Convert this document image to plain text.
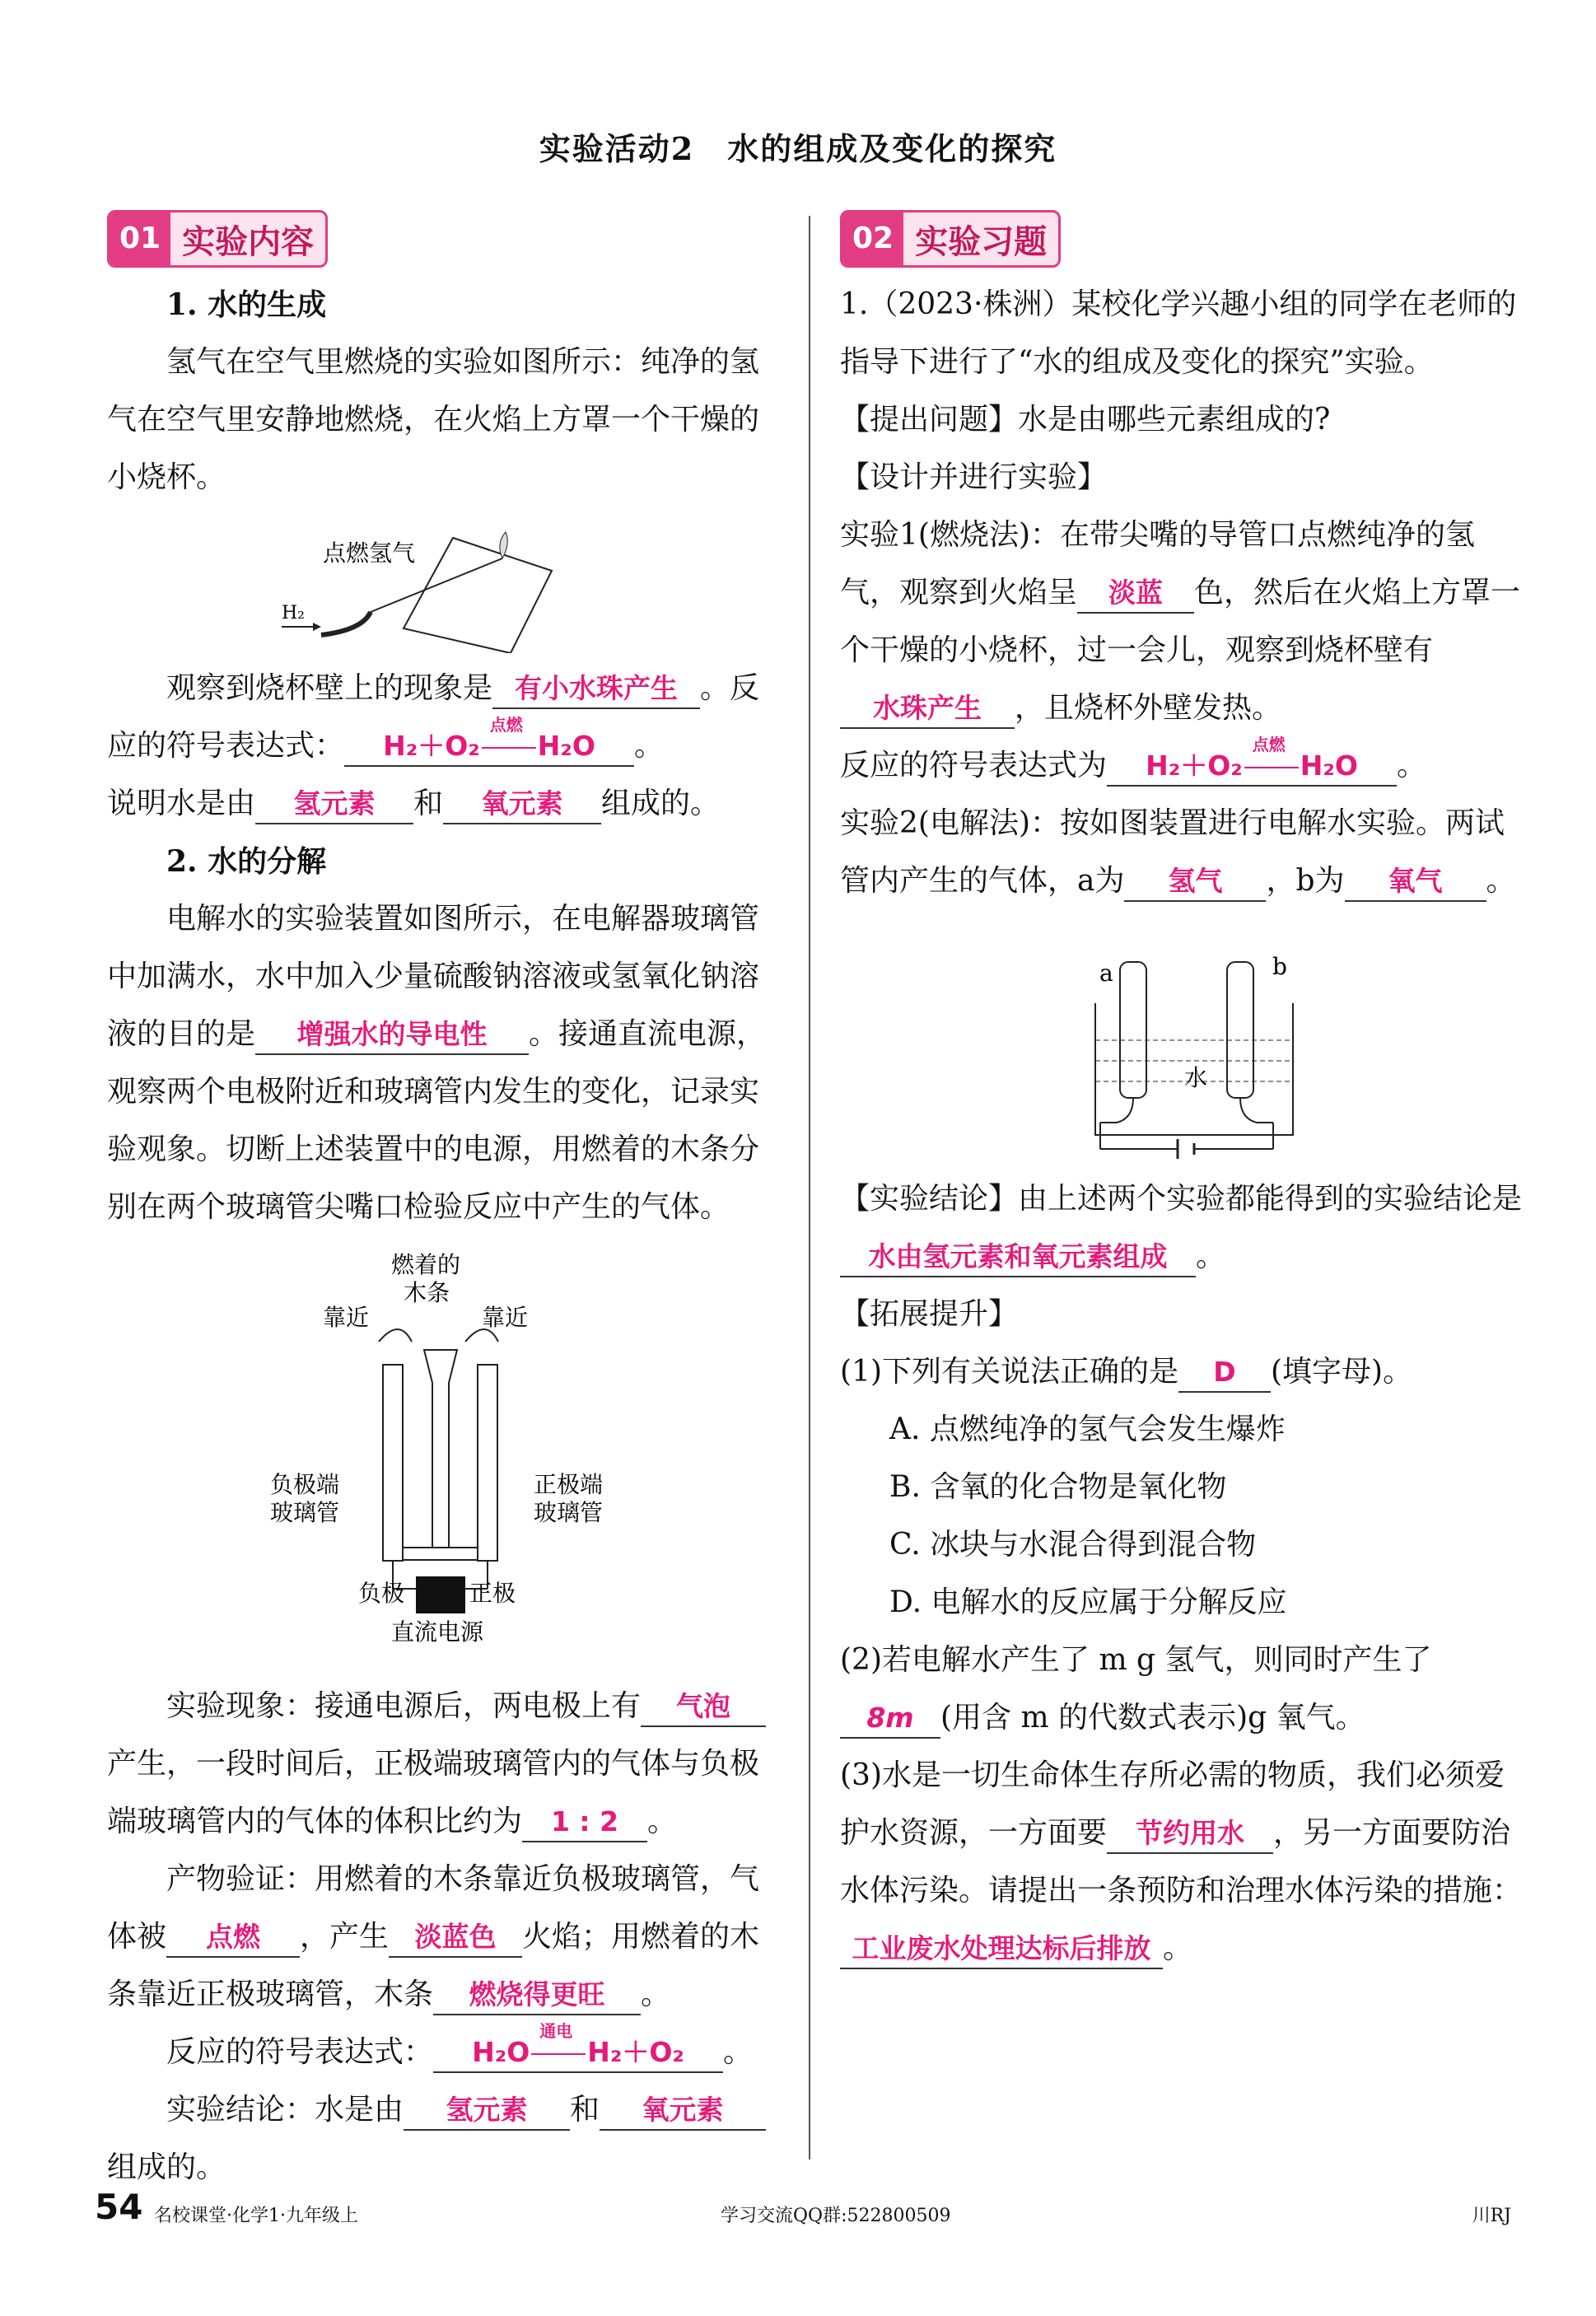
实验活动2　水的组成及变化的探究
01 实验内容

1. 水的生成

氢气在空气里燃烧的实验如图所示：纯净的氢气在空气里安静地燃烧，在火焰上方罩一个干燥的小烧杯。

点燃氢气
H₂

观察到烧杯壁上的现象是 有小水珠产生 。反应的符号表达式： H₂＋O₂
点燃
H₂O 。

说明水是由 氢元素 和 氧元素 组成的。

2. 水的分解

电解水的实验装置如图所示，在电解器玻璃管中加满水，水中加入少量硫酸钠溶液或氢氧化钠溶液的目的是 增强水的导电性 。接通直流电源，观察两个电极附近和玻璃管内发生的变化，记录实验观象。切断上述装置中的电源，用燃着的木条分别在两个玻璃管尖嘴口检验反应中产生的气体。

燃着的
木条
靠近	靠近
负极端
玻璃管
正极端
玻璃管
负极	正极
直流电源

实验现象：接通电源后，两电极上有 气泡产生，一段时间后，正极端玻璃管内的气体与负极端玻璃管内的气体的体积比约为 1 : 2 。

产物验证：用燃着的木条靠近负极玻璃管，气体被 点燃 ，产生 淡蓝色 火焰；用燃着的木条靠近正极玻璃管，木条 燃烧得更旺 。

反应的符号表达式： H₂O
通电
H₂＋O₂ 。

实验结论：水是由 氢元素 和 氧元素组成的。

02 实验习题

1.（2023·株洲）某校化学兴趣小组的同学在老师的指导下进行了“水的组成及变化的探究”实验。

【提出问题】水是由哪些元素组成的?

【设计并进行实验】

实验1(燃烧法)：在带尖嘴的导管口点燃纯净的氢气，观察到火焰呈 淡蓝 色，然后在火焰上方罩一个干燥的小烧杯，过一会儿，观察到烧杯壁有水珠产生 ，且烧杯外壁发热。

反应的符号表达式为 H₂＋O₂
点燃
H₂O 。

实验2(电解法)：按如图装置进行电解水实验。两试管内产生的气体，a为 氢气 ，b为 氧气 。

a	b
水

【实验结论】由上述两个实验都能得到的实验结论是水由氢元素和氧元素组成 。

【拓展提升】

(1)下列有关说法正确的是 D (填字母)。

A. 点燃纯净的氢气会发生爆炸

B. 含氧的化合物是氧化物

C. 冰块与水混合得到混合物

D. 电解水的反应属于分解反应

(2)若电解水产生了 m g 氢气，则同时产生了8m (用含 m 的代数式表示)g 氧气。

(3)水是一切生命体生存所必需的物质，我们必须爱护水资源，一方面要 节约用水 ，另一方面要防治水体污染。请提出一条预防和治理水体污染的措施：工业废水处理达标后排放 。

54 名校课堂·化学1·九年级上	学习交流QQ群:522800509	川RJ
